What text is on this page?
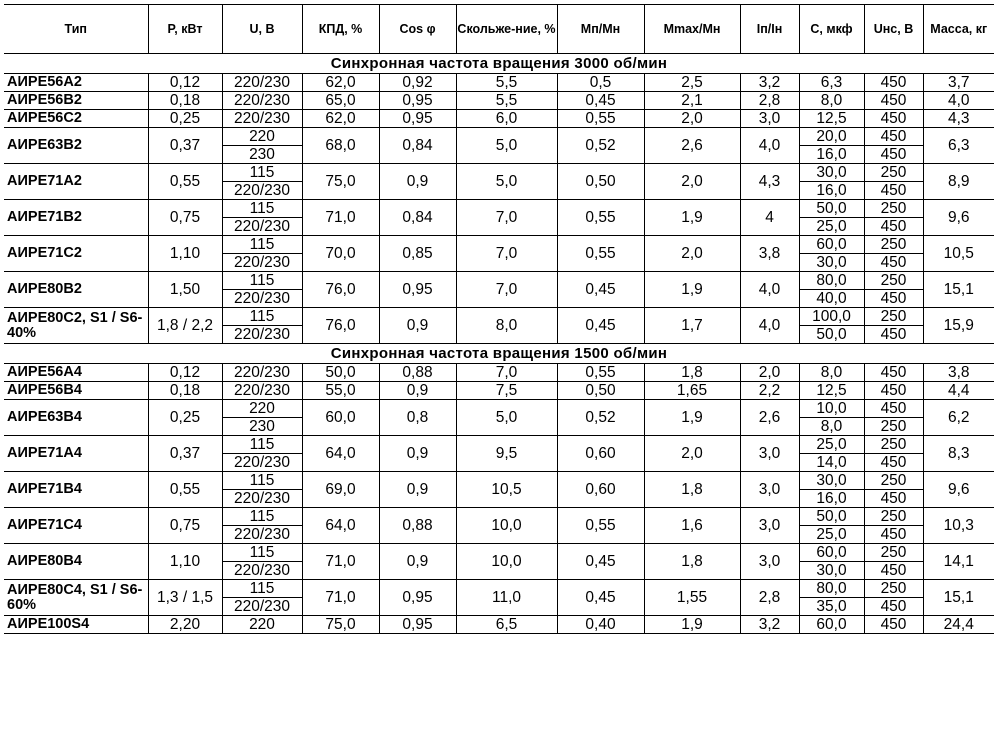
Тип	P, кВт	U, В	КПД, %	Cos φ	Скольже-ние, %	Mп/Mн	Mmax/Mн	Iп/Iн	C, мкф	Uнс, В	Масса, кг
Синхронная частота вращения 3000 об/мин											
АИРЕ56А2	0,12	220/230	62,0	0,92	5,5	0,5	2,5	3,2	6,3	450	3,7
АИРЕ56В2	0,18	220/230	65,0	0,95	5,5	0,45	2,1	2,8	8,0	450	4,0
АИРЕ56С2	0,25	220/230	62,0	0,95	6,0	0,55	2,0	3,0	12,5	450	4,3
АИРЕ63В2	0,37	220	68,0	0,84	5,0	0,52	2,6	4,0	20,0	450	6,3
		230							16,0	450	
АИРЕ71А2	0,55	115	75,0	0,9	5,0	0,50	2,0	4,3	30,0	250	8,9
		220/230							16,0	450	
АИРЕ71В2	0,75	115	71,0	0,84	7,0	0,55	1,9	4	50,0	250	9,6
		220/230							25,0	450	
АИРЕ71С2	1,10	115	70,0	0,85	7,0	0,55	2,0	3,8	60,0	250	10,5
		220/230							30,0	450	
АИРЕ80В2	1,50	115	76,0	0,95	7,0	0,45	1,9	4,0	80,0	250	15,1
		220/230							40,0	450	
АИРЕ80С2, S1 / S6-40%	1,8 / 2,2	115	76,0	0,9	8,0	0,45	1,7	4,0	100,0	250	15,9
		220/230							50,0	450	
Синхронная частота вращения 1500 об/мин											
АИРЕ56А4	0,12	220/230	50,0	0,88	7,0	0,55	1,8	2,0	8,0	450	3,8
АИРЕ56В4	0,18	220/230	55,0	0,9	7,5	0,50	1,65	2,2	12,5	450	4,4
АИРЕ63В4	0,25	220	60,0	0,8	5,0	0,52	1,9	2,6	10,0	450	6,2
		230							8,0	250	
АИРЕ71А4	0,37	115	64,0	0,9	9,5	0,60	2,0	3,0	25,0	250	8,3
		220/230							14,0	450	
АИРЕ71В4	0,55	115	69,0	0,9	10,5	0,60	1,8	3,0	30,0	250	9,6
		220/230							16,0	450	
АИРЕ71С4	0,75	115	64,0	0,88	10,0	0,55	1,6	3,0	50,0	250	10,3
		220/230							25,0	450	
АИРЕ80В4	1,10	115	71,0	0,9	10,0	0,45	1,8	3,0	60,0	250	14,1
		220/230							30,0	450	
АИРЕ80С4, S1 / S6-60%	1,3 / 1,5	115	71,0	0,95	11,0	0,45	1,55	2,8	80,0	250	15,1
		220/230							35,0	450	
АИРЕ100S4	2,20	220	75,0	0,95	6,5	0,40	1,9	3,2	60,0	450	24,4
